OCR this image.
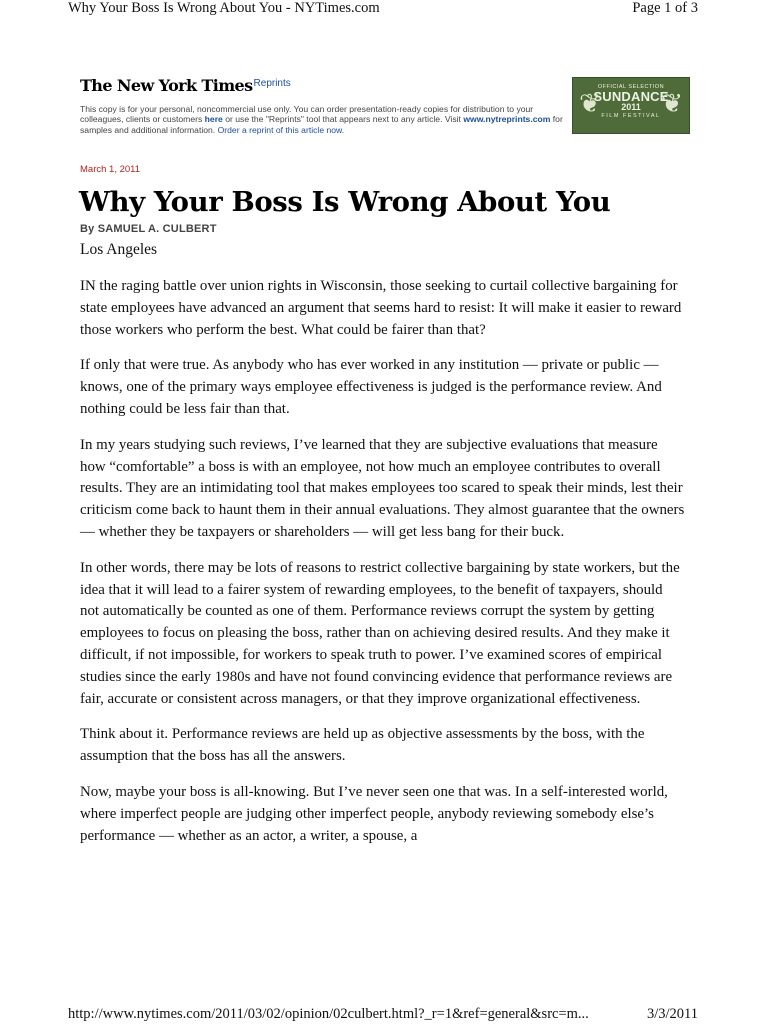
Why Your Boss Is Wrong About You - NYTimes.com	Page 1 of 3
The New York Times$^{Reprints}$
This copy is for your personal, noncommercial use only. You can order presentation-ready copies for distribution to your colleagues, clients or customers here or use the "Reprints" tool that appears next to any article. Visit www.nytreprints.com for samples and additional information. Order a reprint of this article now.
❦ ❦
OFFICIAL SELECTION
SUNDANCE
2011
FILM FESTIVAL
March 1, 2011
Why Your Boss Is Wrong About You
By SAMUEL A. CULBERT
Los Angeles

IN the raging battle over union rights in Wisconsin, those seeking to curtail collective bargaining for state employees have advanced an argument that seems hard to resist: It will make it easier to reward those workers who perform the best. What could be fairer than that?

If only that were true. As anybody who has ever worked in any institution — private or public — knows, one of the primary ways employee effectiveness is judged is the performance review. And nothing could be less fair than that.

In my years studying such reviews, I’ve learned that they are subjective evaluations that measure how “comfortable” a boss is with an employee, not how much an employee contributes to overall results. They are an intimidating tool that makes employees too scared to speak their minds, lest their criticism come back to haunt them in their annual evaluations. They almost guarantee that the owners — whether they be taxpayers or shareholders — will get less bang for their buck.

In other words, there may be lots of reasons to restrict collective bargaining by state workers, but the idea that it will lead to a fairer system of rewarding employees, to the benefit of taxpayers, should not automatically be counted as one of them. Performance reviews corrupt the system by getting employees to focus on pleasing the boss, rather than on achieving desired results. And they make it difficult, if not impossible, for workers to speak truth to power. I’ve examined scores of empirical studies since the early 1980s and have not found convincing evidence that performance reviews are fair, accurate or consistent across managers, or that they improve organizational effectiveness.

Think about it. Performance reviews are held up as objective assessments by the boss, with the assumption that the boss has all the answers.

Now, maybe your boss is all-knowing. But I’ve never seen one that was. In a self-interested world, where imperfect people are judging other imperfect people, anybody reviewing somebody else’s performance — whether as an actor, a writer, a spouse, a

http://www.nytimes.com/2011/03/02/opinion/02culbert.html?_r=1&ref=general&src=m...	3/3/2011
